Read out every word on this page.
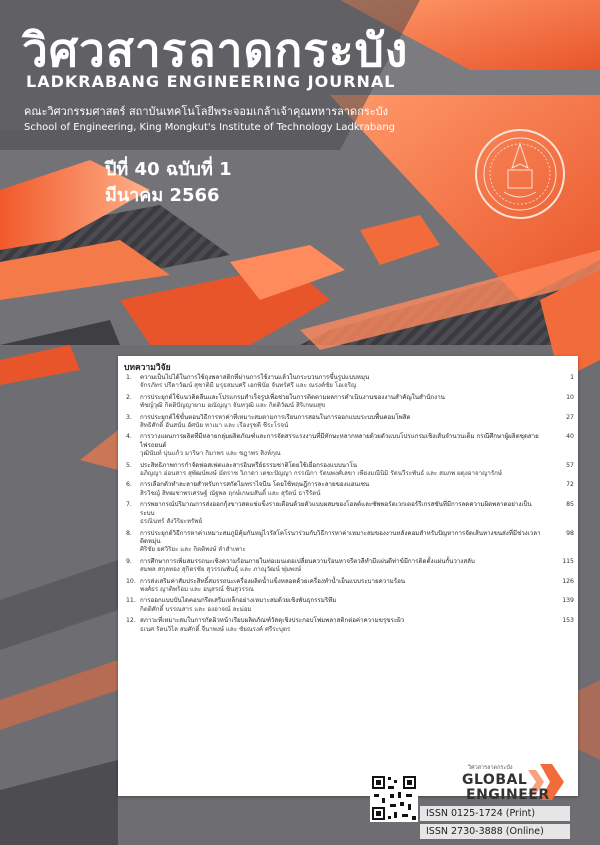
วิศวสารลาดกระบัง
LADKRABANG ENGINEERING JOURNAL
คณะวิศวกรรมศาสตร์ สถาบันเทคโนโลยีพระจอมเกล้าเจ้าคุณทหารลาดกระบัง
School of Engineering, King Mongkut's Institute of Technology Ladkrabang
ปีที่ 40 ฉบับที่ 1
มีนาคม 2566
บทความวิจัย
1.	ความเป็นไปได้ในการใช้ถุงพลาสติกที่ผ่านการใช้งานแล้วในกระบวนการขึ้นรูปแบบหมุน
จักรภัทร ปรีดาวัฒน์ สุชาติมี มรุธสมบศรี เอกพินัย จันทร์ศรี และ ณรงค์ชัย โอเจริญ
1
2.	การประยุกต์ใช้แนวคิดลีนและโปรแกรมสำเร็จรูปเพื่อช่วยในการติดตามผลการดำเนินงานของงานสำคัญในสำนักงาน
พัชญ์วุฒิ กิตติปัญญาผาม อณัญญา จันทวุฒิ และ กิตติวัฒน์ สิริเกษมสุข
10
3.	การประยุกต์ใช้ขั้นตอนวิธีการหาค่าที่เหมาะสมตามการเรียนการสอนในการออกแบบระบบพื้นคอมโพสิต
สิทธิศักดิ์ อันสนั่น อัศนัย หาเมา และ เรืองรุชดี ชีระโรจน์
27
4.	การวางแผนการผลิตที่มีหลายกลุ่มผลิตภัณฑ์และการจัดสรรแรงงานที่มีทักษะหลากหลายด้วยตัวแบบโปรแกรมเชิงเส้นจำนวนเต็ม กรณีศึกษาผู้ผลิตชุดสายไฟรถยนต์
วุฒินันท์ บุ่นแก้ว มาริษา กิมาพร และ ชฎาพร สิงห์กุณ
40
5.	ประสิทธิภาพการกำจัดฟอสเฟตและสารอินทรีย์ธรรมชาติโดยใช้เยื่อกรองแบบนาโน
อภิญญา อ่อนสาร สุพัฒน์พงษ์ มัตราช วิภาดา เตชะปัญญา กรรณิกา รัตนพงศ์เลขา เพียงมณีนิมิ รัตนวีระพันธ์ และ สมภพ ผดุงอาจาญารักษ์
57
6.	การเลือกตัวทำละลายสำหรับการสกัดไมทราไจนีน โดยใช้ทฤษฎีการละลายของแฮนเซน
สิรวิชญ์ สิทฒชาพรเศรษฐ์ ณัฐพล ฤกษ์เกษมสันติ์ และ สุรัตน์ ธารีรัตน์
72
7.	การพยากรณ์ปริมาณการส่งออกกุ้งขาวสดแช่แข็งรายเดือนด้วยตัวแบบผสมของโฮลต์และซัพพอร์ตเวกเตอร์รีเกรสชันที่มีการลดความผิดพลาดอย่างเป็นระบบ
ธรณินทร์ สังวิริยะทรัพย์
85
8.	การประยุกต์วิธีการหาค่าเหมาะสมภูมิคุ้มกันหมู่ไวรัสโคโรนาร่วมกับวิธีการหาค่าเหมาะสมของงานหลังคอมสำหรับปัญหาการจัดเส้นทางขนส่งที่มีช่วงเวลาติดหมุ่น
ศิริชัย ยศวิริยะ และ กิตติพงษ์ ลำสำเพาะ
98
9.	การศึกษาการเพิ่มสมรรถนะเชิงความร้อนภายในท่อเมนเตอเปลี่ยนความร้อนหาจรีตวลีทำมีแผ่นดีท่าข์มีการติดตั้งแผ่นกั้นวางสลับ
สมพล สกุลทอง สุกิตรชัย สุวรรณพันธุ์ และ ภาณุวัฒน์ พุ่มพงษ์
115
10. การส่งเสริมค่าสัมประสิทธิ์สมรรถนะเครื่องผลิตน้ำแข็งหลอดด้วยเครื่องทำน้ำเย็นแบบระบายความร้อน
พงศ์ธร ญาติพร้อม และ อนุสรณ์ ชินสุวรรณ
126
11. การออกแบบบันไดคอนกรีตเสริมเหล็กอย่างเหมาะสมด้วยเชิงพันธุกรรมริทึม
กิตติศักดิ์ บรรณสาร และ องอาจณ์ ละม่อม
139
12. สภาวะที่เหมาะสมในการกัดผิวหน้าเรียบผลิตภัณฑ์วัสดุเชิงประกอบโฟมพลาสติกต่อค่าความขรุขระผิว
ธเนศ รัตนวิไล สมศักดิ์ จีนาพงษ์ และ ชัยณรงค์ ศรีระบุตร
153
วิศวสารลาดกระบัง
GLOBAL
ENGINEER
ISSN 0125-1724 (Print)
ISSN 2730-3888 (Online)
